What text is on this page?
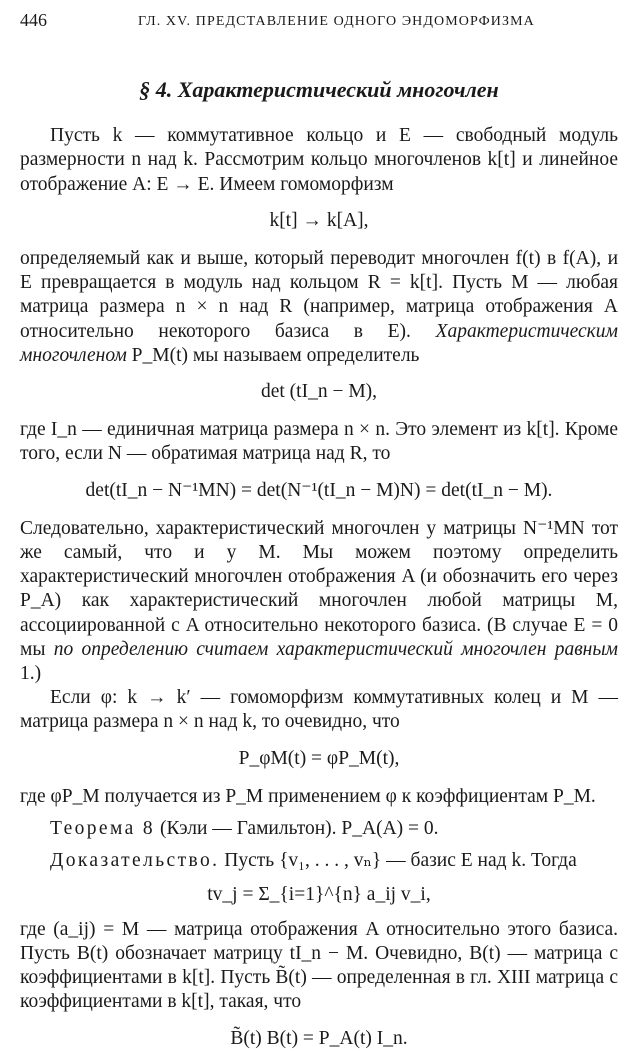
446	ГЛ. XV. ПРЕДСТАВЛЕНИЕ ОДНОГО ЭНДОМОРФИЗМА
§ 4. Характеристический многочлен

Пусть k — коммутативное кольцо и E — свободный модуль размерности n над k. Рассмотрим кольцо многочленов k[t] и линейное отображение A: E → E. Имеем гомоморфизм

k[t] → k[A],

определяемый как и выше, который переводит многочлен f(t) в f(A), и E превращается в модуль над кольцом R = k[t]. Пусть M — любая матрица размера n × n над R (например, матрица отображения A относительно некоторого базиса в E). Характеристическим многочленом P_M(t) мы называем определитель

det (tI_n − M),

где I_n — единичная матрица размера n × n. Это элемент из k[t]. Кроме того, если N — обратимая матрица над R, то

det(tI_n − N⁻¹MN) = det(N⁻¹(tI_n − M)N) = det(tI_n − M).

Следовательно, характеристический многочлен у матрицы N⁻¹MN тот же самый, что и у M. Мы можем поэтому определить характеристический многочлен отображения A (и обозначить его через P_A) как характеристический многочлен любой матрицы M, ассоциированной с A относительно некоторого базиса. (В случае E = 0 мы по определению считаем характеристический многочлен равным 1.)

Если φ: k → k′ — гомоморфизм коммутативных колец и M — матрица размера n × n над k, то очевидно, что

P_φM(t) = φP_M(t),

где φP_M получается из P_M применением φ к коэффициентам P_M.

Теорема 8 (Кэли — Гамильтон). P_A(A) = 0.

Доказательство. Пусть {v₁, . . . , vₙ} — базис E над k. Тогда

tv_j = Σ_{i=1}^{n} a_ij v_i,

где (a_ij) = M — матрица отображения A относительно этого базиса. Пусть B(t) обозначает матрицу tI_n − M. Очевидно, B(t) — матрица с коэффициентами в k[t]. Пусть B̃(t) — определенная в гл. XIII матрица с коэффициентами в k[t], такая, что

B̃(t) B(t) = P_A(t) I_n.
